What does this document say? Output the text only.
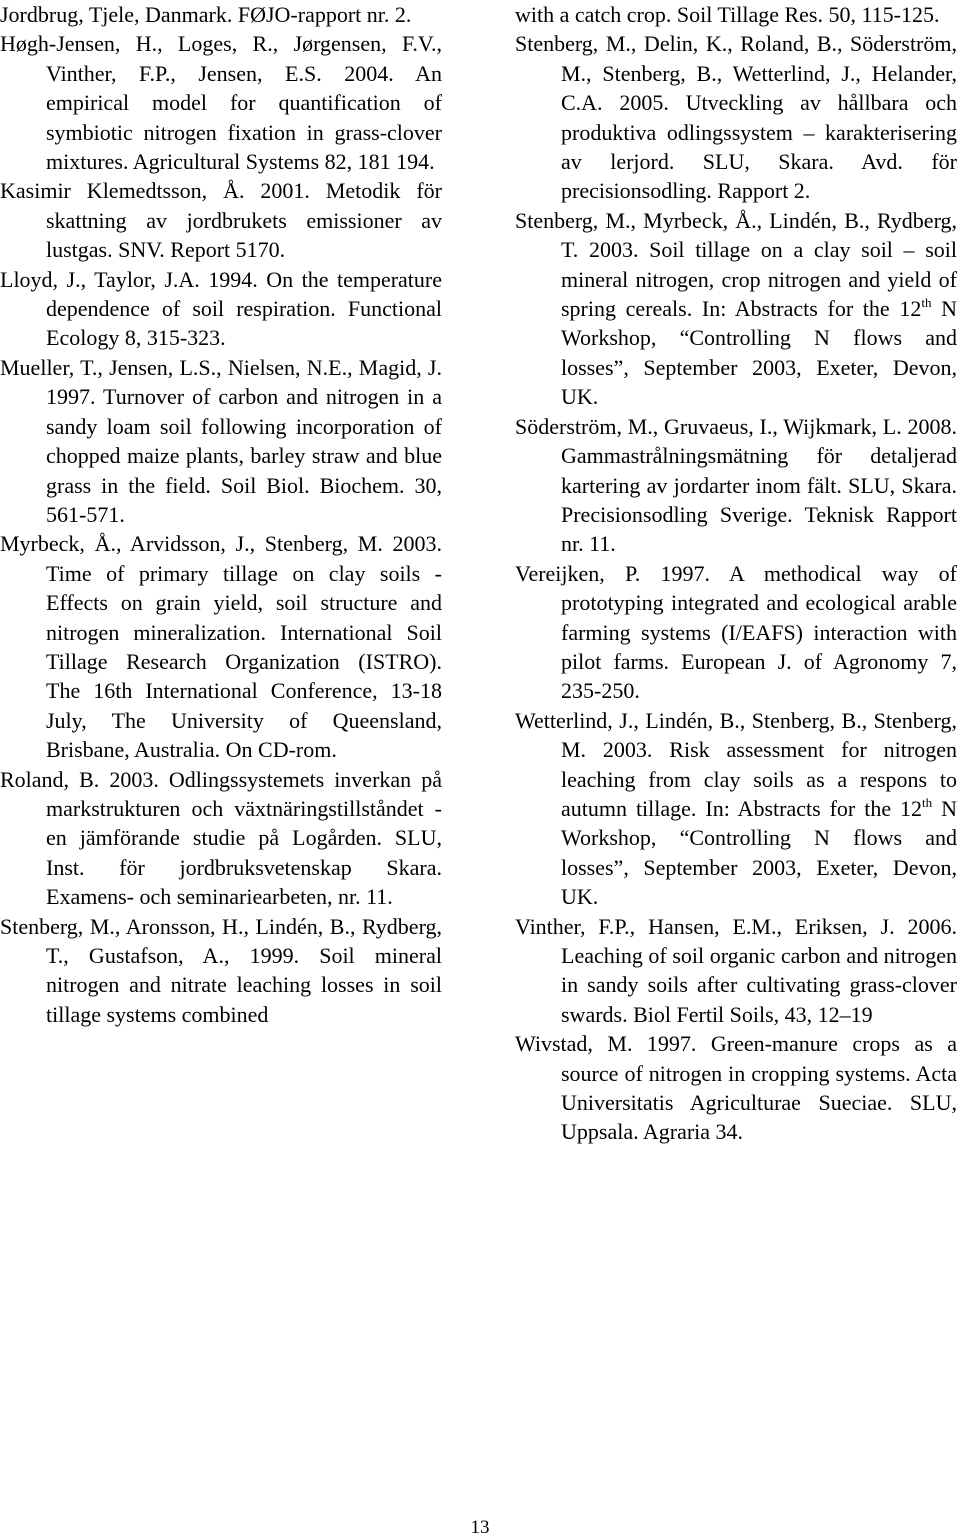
Jordbrug, Tjele, Danmark. FØJO-rapport nr. 2.

Høgh-Jensen, H., Loges, R., Jørgensen, F.V., Vinther, F.P., Jensen, E.S. 2004. An empirical model for quantification of symbiotic nitrogen fixation in grass-clover mixtures. Agricultural Systems 82, 181 194.

Kasimir Klemedtsson, Å. 2001. Metodik för skattning av jordbrukets emissioner av lustgas. SNV. Report 5170.

Lloyd, J., Taylor, J.A. 1994. On the temperature dependence of soil respiration. Functional Ecology 8, 315-323.

Mueller, T., Jensen, L.S., Nielsen, N.E., Magid, J. 1997. Turnover of carbon and nitrogen in a sandy loam soil following incorporation of chopped maize plants, barley straw and blue grass in the field. Soil Biol. Biochem. 30, 561-571.

Myrbeck, Å., Arvidsson, J., Stenberg, M. 2003. Time of primary tillage on clay soils - Effects on grain yield, soil structure and nitrogen mineralization. International Soil Tillage Research Organization (ISTRO). The 16th International Conference, 13-18 July, The University of Queensland, Brisbane, Australia. On CD-rom.

Roland, B. 2003. Odlingssystemets inverkan på markstrukturen och växtnäringstillståndet - en jämförande studie på Logården. SLU, Inst. för jordbruksvetenskap Skara. Examens- och seminariearbeten, nr. 11.

Stenberg, M., Aronsson, H., Lindén, B., Rydberg, T., Gustafson, A., 1999. Soil mineral nitrogen and nitrate leaching losses in soil tillage systems combined

with a catch crop. Soil Tillage Res. 50, 115-125.

Stenberg, M., Delin, K., Roland, B., Söderström, M., Stenberg, B., Wetterlind, J., Helander, C.A. 2005. Utveckling av hållbara och produktiva odlingssystem – karakterisering av lerjord. SLU, Skara. Avd. för precisionsodling. Rapport 2.

Stenberg, M., Myrbeck, Å., Lindén, B., Rydberg, T. 2003. Soil tillage on a clay soil – soil mineral nitrogen, crop nitrogen and yield of spring cereals. In: Abstracts for the 12th N Workshop, “Controlling N flows and losses”, September 2003, Exeter, Devon, UK.

Söderström, M., Gruvaeus, I., Wijkmark, L. 2008. Gammastrålningsmätning för detaljerad kartering av jordarter inom fält. SLU, Skara. Precisionsodling Sverige. Teknisk Rapport nr. 11.

Vereijken, P. 1997. A methodical way of prototyping integrated and ecological arable farming systems (I/EAFS) interaction with pilot farms. European J. of Agronomy 7, 235-250.

Wetterlind, J., Lindén, B., Stenberg, B., Stenberg, M. 2003. Risk assessment for nitrogen leaching from clay soils as a respons to autumn tillage. In: Abstracts for the 12th N Workshop, “Controlling N flows and losses”, September 2003, Exeter, Devon, UK.

Vinther, F.P., Hansen, E.M., Eriksen, J. 2006. Leaching of soil organic carbon and nitrogen in sandy soils after cultivating grass-clover swards. Biol Fertil Soils, 43, 12–19

Wivstad, M. 1997. Green-manure crops as a source of nitrogen in cropping systems. Acta Universitatis Agriculturae Sueciae. SLU, Uppsala. Agraria 34.

13
